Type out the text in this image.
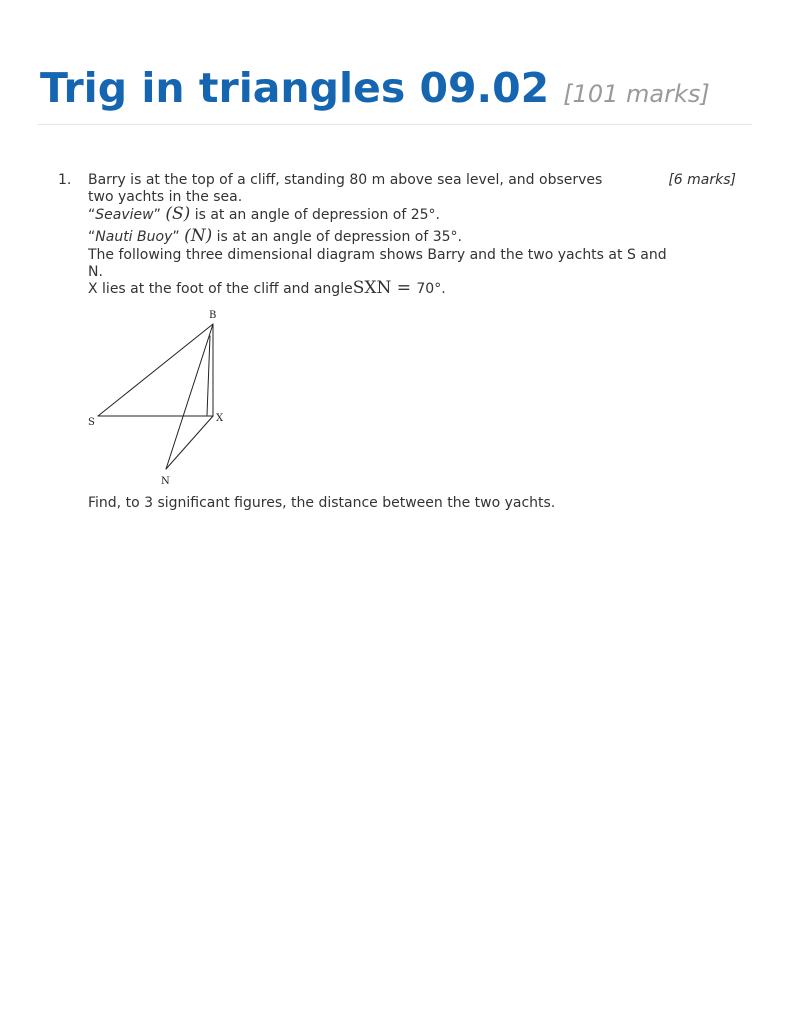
Trig in triangles 09.02 [101 marks]
1.	[6 marks]
Barry is at the top of a cliff, standing 80 m above sea level, and observes
two yachts in the sea.
“Seaview” (S) is at an angle of depression of 25°.
“Nauti Buoy” (N) is at an angle of depression of 35°.
The following three dimensional diagram shows Barry and the two yachts at S and
N.
X lies at the foot of the cliff and angleSXN = 70°.
B
S	X
N
Find, to 3 significant figures, the distance between the two yachts.
